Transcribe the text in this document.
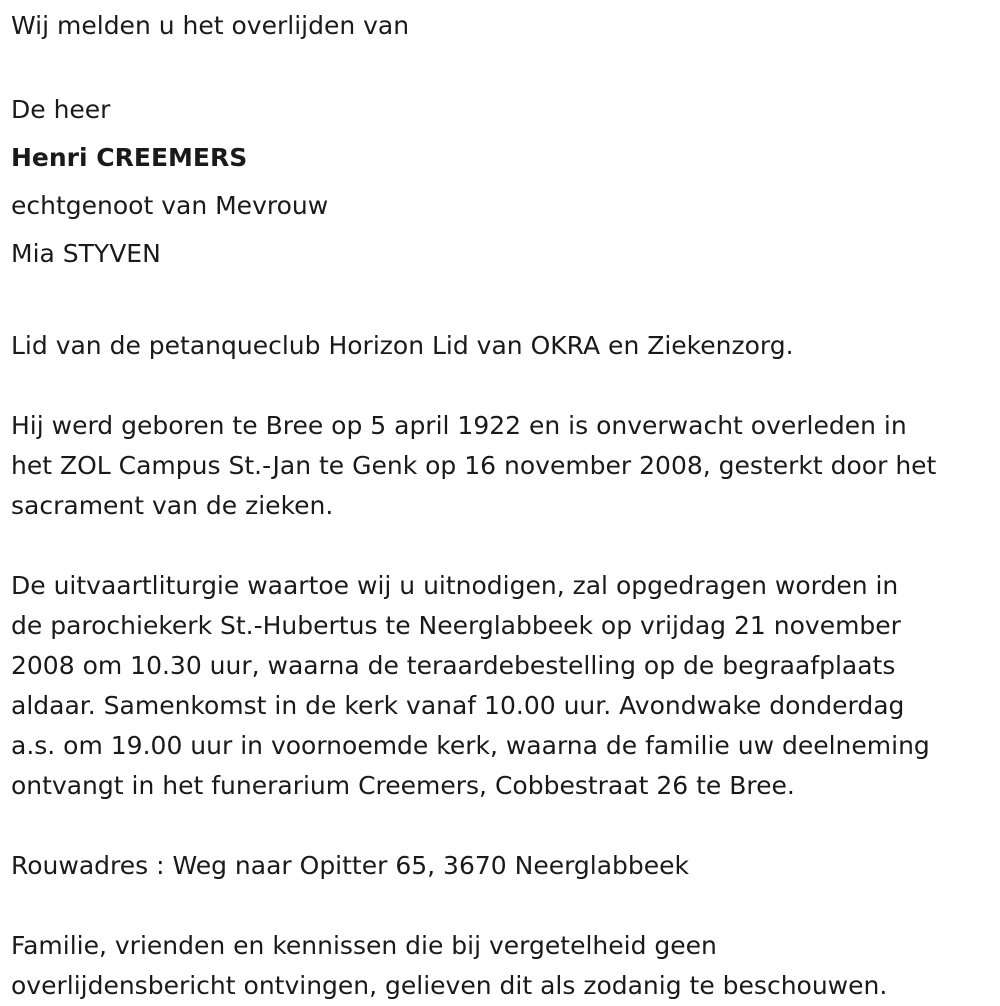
Wij melden u het overlijden van
De heer
Henri CREEMERS
echtgenoot van Mevrouw
Mia STYVEN
Lid van de petanqueclub Horizon Lid van OKRA en Ziekenzorg.
Hij werd geboren te Bree op 5 april 1922 en is onverwacht overleden in
het ZOL Campus St.-Jan te Genk op 16 november 2008, gesterkt door het
sacrament van de zieken.
De uitvaartliturgie waartoe wij u uitnodigen, zal opgedragen worden in
de parochiekerk St.-Hubertus te Neerglabbeek op vrijdag 21 november
2008 om 10.30 uur, waarna de teraardebestelling op de begraafplaats
aldaar. Samenkomst in de kerk vanaf 10.00 uur. Avondwake donderdag
a.s. om 19.00 uur in voornoemde kerk, waarna de familie uw deelneming
ontvangt in het funerarium Creemers, Cobbestraat 26 te Bree.
Rouwadres : Weg naar Opitter 65, 3670 Neerglabbeek
Familie, vrienden en kennissen die bij vergetelheid geen
overlijdensbericht ontvingen, gelieven dit als zodanig te beschouwen.
